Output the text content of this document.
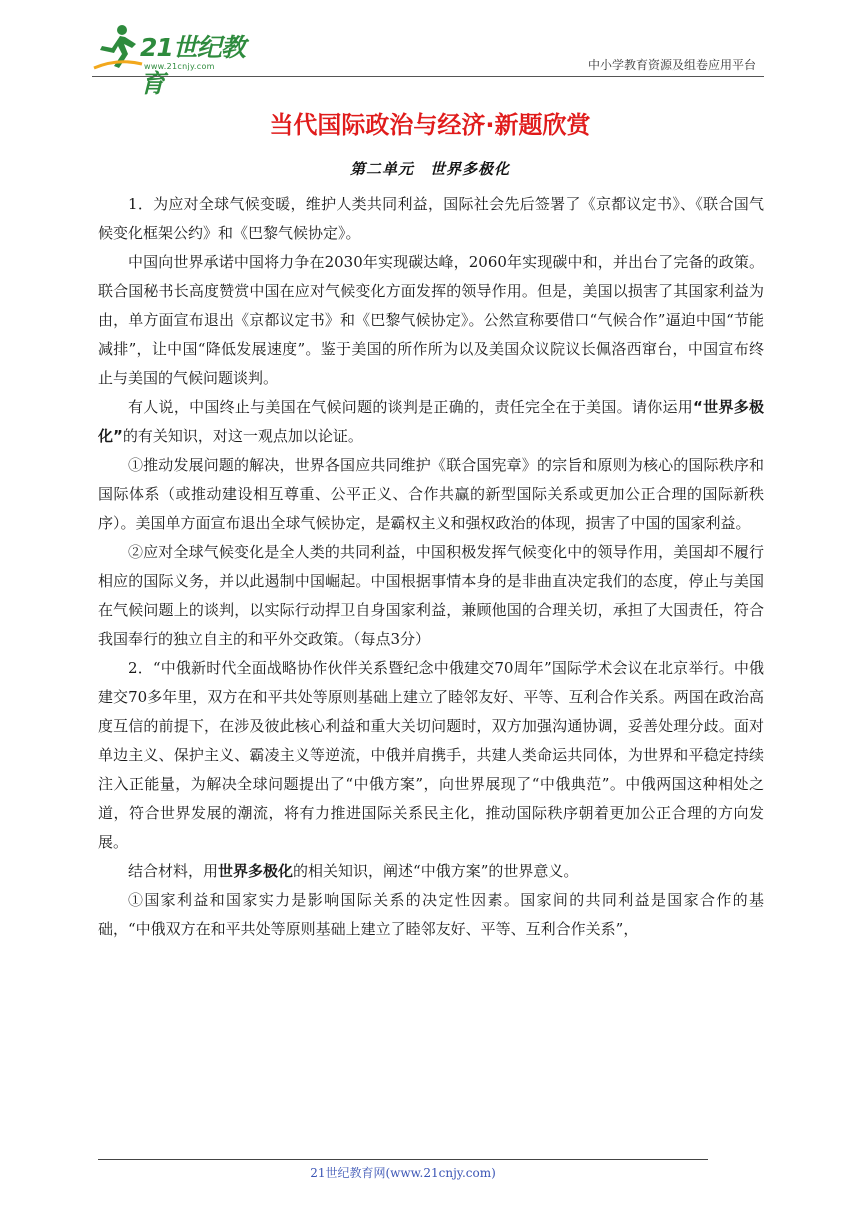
21世纪教育
www.21cnjy.com	中小学教育资源及组卷应用平台
当代国际政治与经济·新题欣赏
第二单元　世界多极化

1．为应对全球气候变暖，维护人类共同利益，国际社会先后签署了《京都议定书》、《联合国气候变化框架公约》和《巴黎气候协定》。

中国向世界承诺中国将力争在2030年实现碳达峰，2060年实现碳中和，并出台了完备的政策。联合国秘书长高度赞赏中国在应对气候变化方面发挥的领导作用。但是，美国以损害了其国家利益为由，单方面宣布退出《京都议定书》和《巴黎气候协定》。公然宣称要借口“气候合作”逼迫中国“节能减排”，让中国“降低发展速度”。鉴于美国的所作所为以及美国众议院议长佩洛西窜台，中国宣布终止与美国的气候问题谈判。

有人说，中国终止与美国在气候问题的谈判是正确的，责任完全在于美国。请你运用“世界多极化”的有关知识，对这一观点加以论证。

①推动发展问题的解决，世界各国应共同维护《联合国宪章》的宗旨和原则为核心的国际秩序和国际体系（或推动建设相互尊重、公平正义、合作共赢的新型国际关系或更加公正合理的国际新秩序）。美国单方面宣布退出全球气候协定，是霸权主义和强权政治的体现，损害了中国的国家利益。

②应对全球气候变化是全人类的共同利益，中国积极发挥气候变化中的领导作用，美国却不履行相应的国际义务，并以此遏制中国崛起。中国根据事情本身的是非曲直决定我们的态度，停止与美国在气候问题上的谈判，以实际行动捍卫自身国家利益，兼顾他国的合理关切，承担了大国责任，符合我国奉行的独立自主的和平外交政策。（每点3分）

2．“中俄新时代全面战略协作伙伴关系暨纪念中俄建交70周年”国际学术会议在北京举行。中俄建交70多年里，双方在和平共处等原则基础上建立了睦邻友好、平等、互利合作关系。两国在政治高度互信的前提下，在涉及彼此核心利益和重大关切问题时，双方加强沟通协调，妥善处理分歧。面对单边主义、保护主义、霸凌主义等逆流，中俄并肩携手，共建人类命运共同体，为世界和平稳定持续注入正能量，为解决全球问题提出了“中俄方案”，向世界展现了“中俄典范”。中俄两国这种相处之道，符合世界发展的潮流，将有力推进国际关系民主化，推动国际秩序朝着更加公正合理的方向发展。

结合材料，用世界多极化的相关知识，阐述“中俄方案”的世界意义。

①国家利益和国家实力是影响国际关系的决定性因素。国家间的共同利益是国家合作的基础，“中俄双方在和平共处等原则基础上建立了睦邻友好、平等、互利合作关系”，

21世纪教育网(www.21cnjy.com)
